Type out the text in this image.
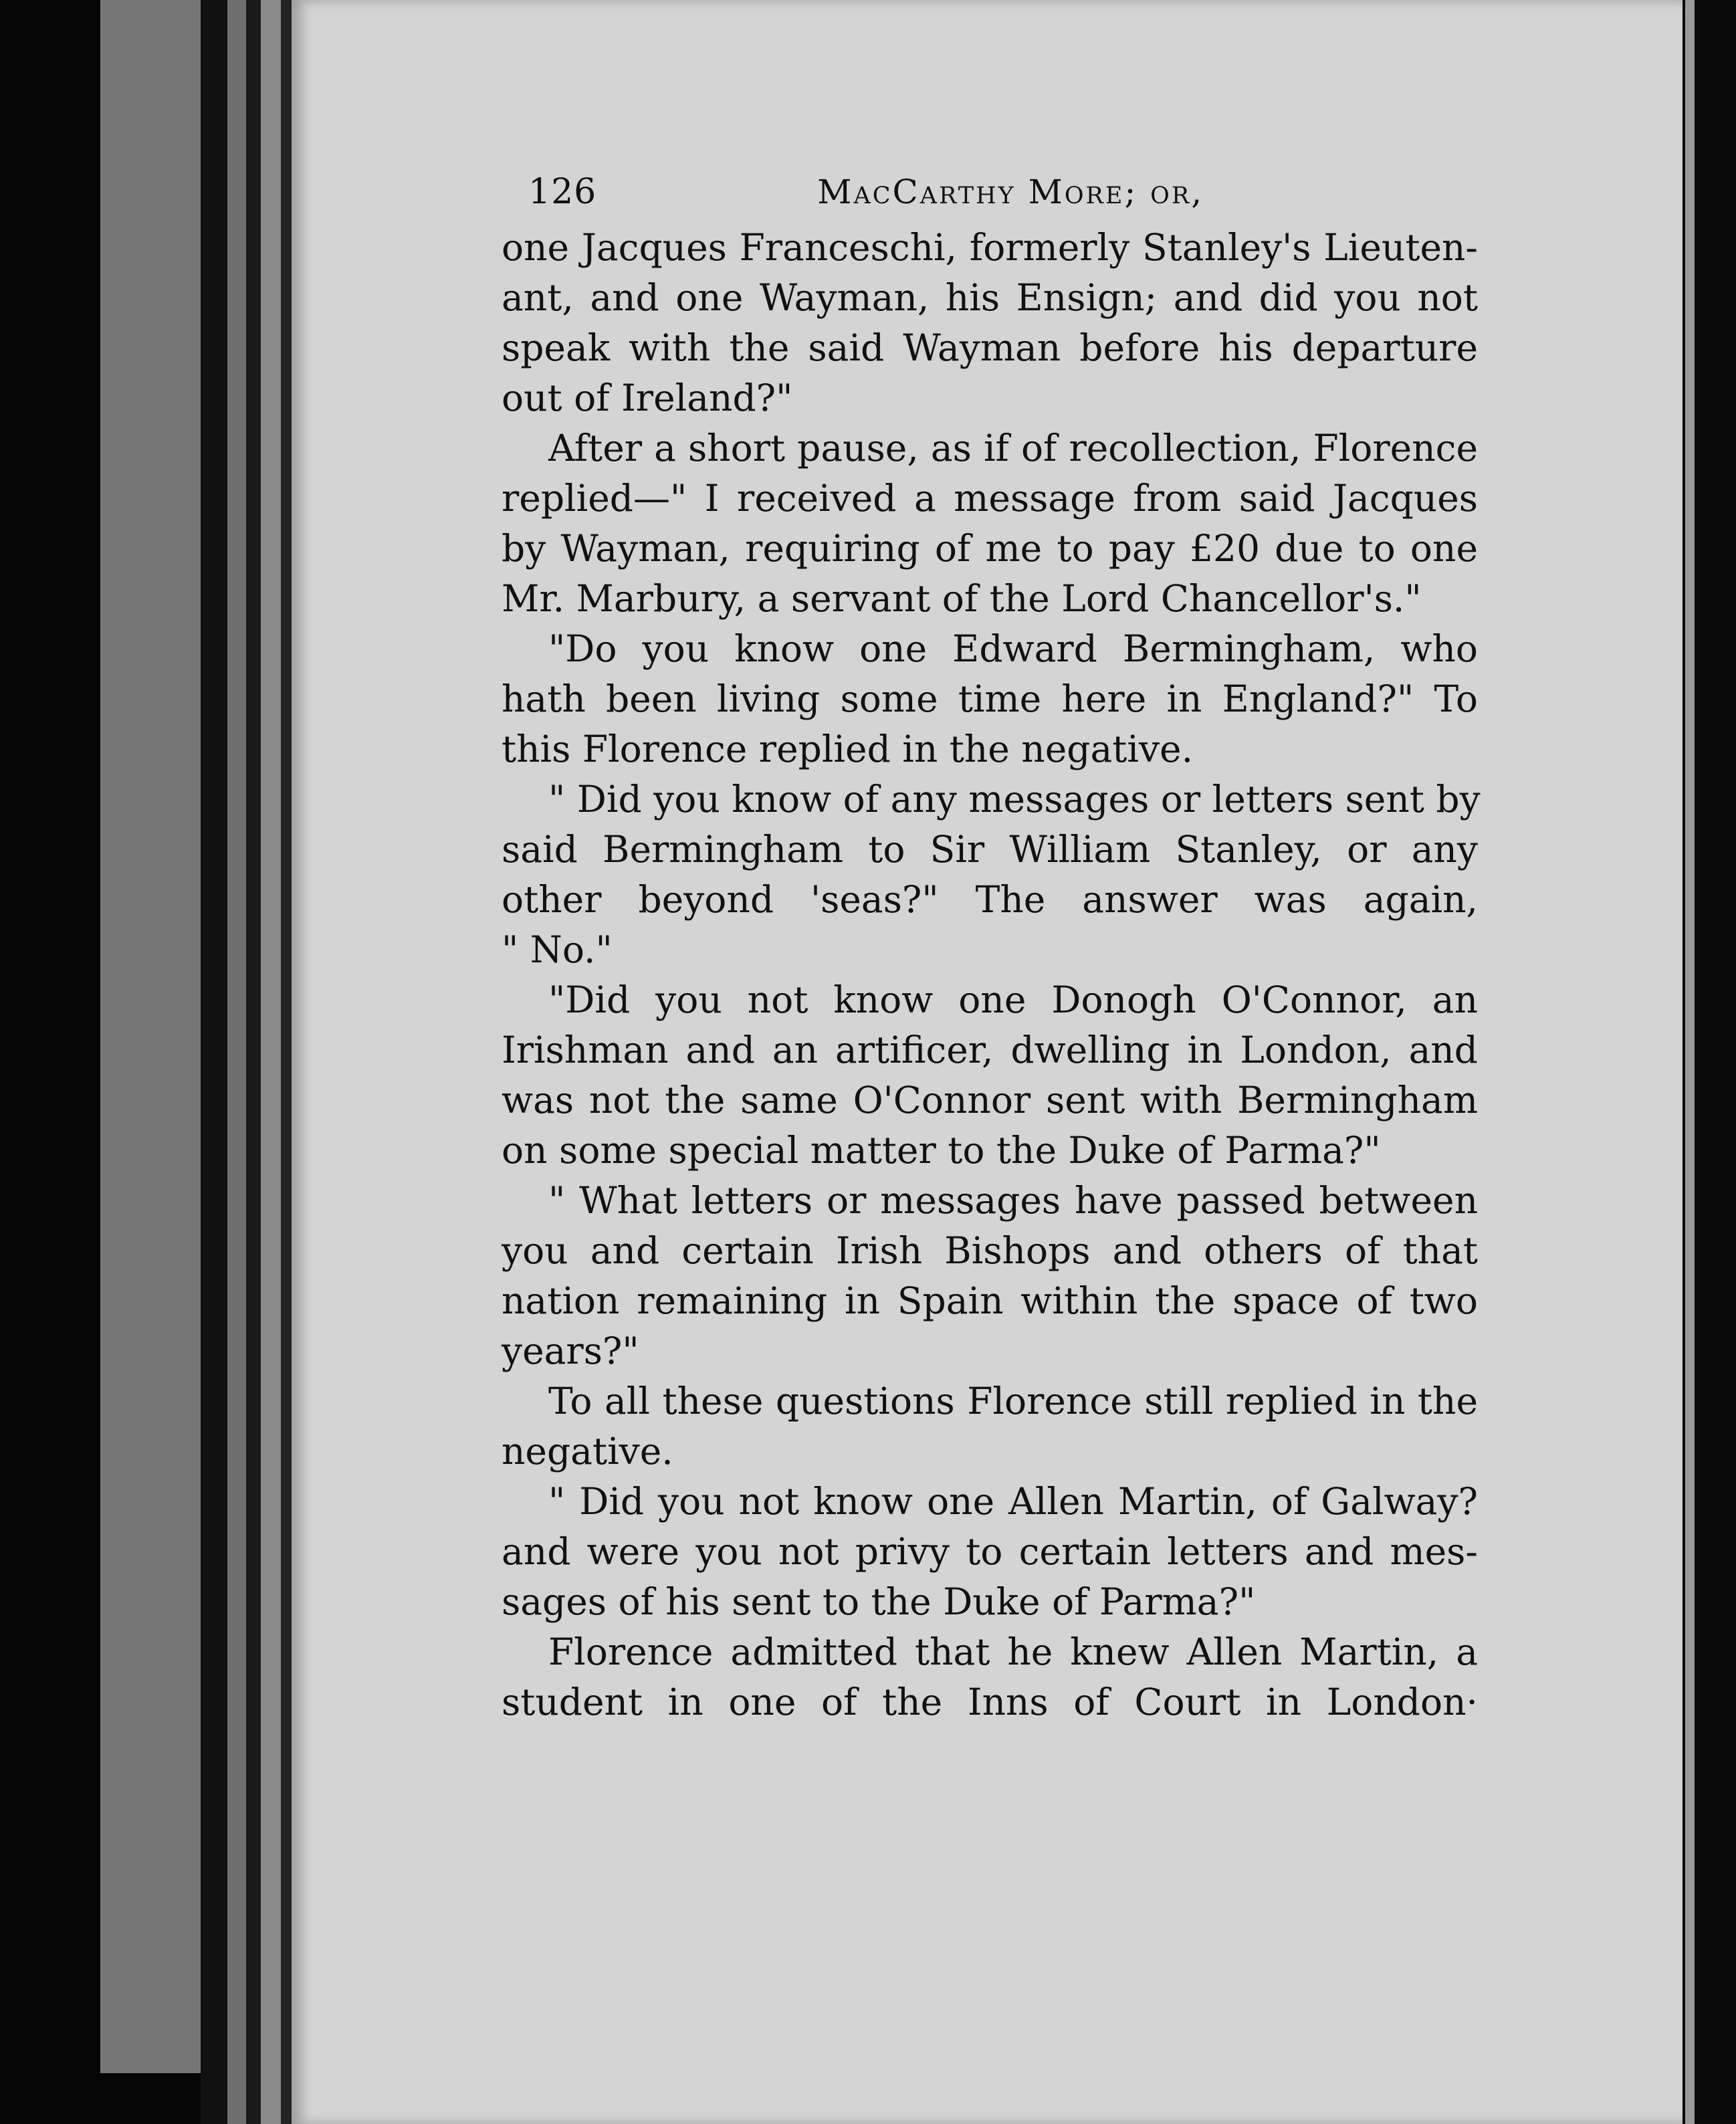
126	MacCarthy More; or,
one Jacques Franceschi, formerly Stanley's Lieuten-
ant, and one Wayman, his Ensign; and did you not
speak with the said Wayman before his departure
out of Ireland?"
After a short pause, as if of recollection, Florence
replied—" I received a message from said Jacques
by Wayman, requiring of me to pay £20 due to one
Mr. Marbury, a servant of the Lord Chancellor's."
"Do you know one Edward Bermingham, who
hath been living some time here in England?" To
this Florence replied in the negative.
" Did you know of any messages or letters sent by
said Bermingham to Sir William Stanley, or any
other beyond 'seas?" The answer was again,
" No."
"Did you not know one Donogh O'Connor, an
Irishman and an artificer, dwelling in London, and
was not the same O'Connor sent with Bermingham
on some special matter to the Duke of Parma?"
" What letters or messages have passed between
you and certain Irish Bishops and others of that
nation remaining in Spain within the space of two
years?"
To all these questions Florence still replied in the
negative.
" Did you not know one Allen Martin, of Galway?
and were you not privy to certain letters and mes-
sages of his sent to the Duke of Parma?"
Florence admitted that he knew Allen Martin, a
student in one of the Inns of Court in London·
